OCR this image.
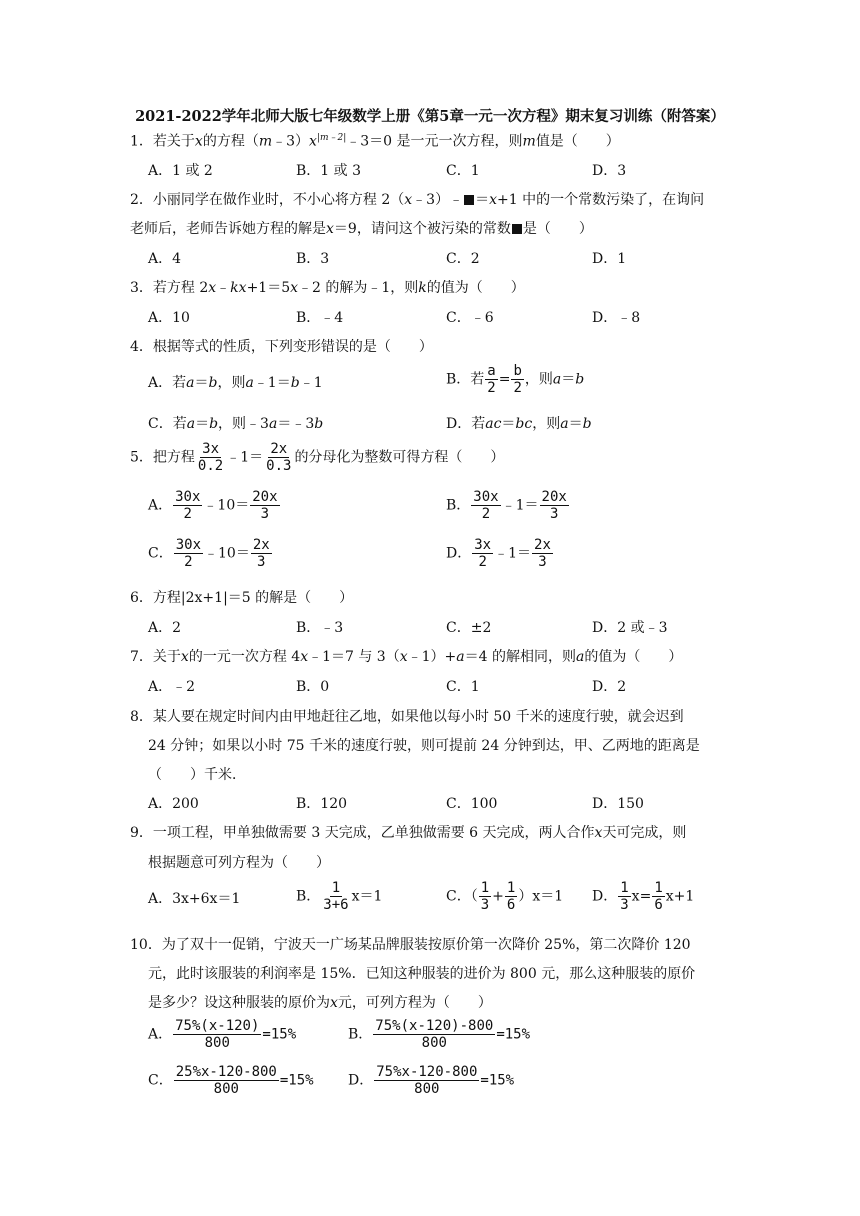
2021-2022学年北师大版七年级数学上册《第5章一元一次方程》期末复习训练（附答案）
1．若关于x的方程$(m﹣3)x^{|m﹣2|}﹣3=0$ 是一元一次方程，则m值是（　　）
A．1 或 2	B．1 或 3	C．1	D．3
2．小丽同学在做作业时，不小心将方程 2（x﹣3）﹣ ＝x+1 中的一个常数污染了，在询问
老师后，老师告诉她方程的解是x＝9，请问这个被污染的常数 是（　　）
A．4	B．3	C．2	D．1
3．若方程 2x﹣kx+1＝5x﹣2 的解为﹣1，则k的值为（　　）
A．10	B．﹣4	C．﹣6	D．﹣8
4．根据等式的性质，下列变形错误的是（　　）
A．若a＝b，则a﹣1＝b﹣1	B．若 $\frac{a}{2} = \frac{b}{2}$ ，则a＝b
C．若a＝b，则﹣3a＝﹣3b	D．若ac＝bc，则a＝b
5．把方程 $\frac{3x}{0.2}$ ﹣1＝ $\frac{2x}{0.3}$ 的分母化为整数可得方程（　　）
A． $\frac{30x}{2}$ ﹣10＝ $\frac{20x}{3}$	B． $\frac{30x}{2}$ ﹣1＝ $\frac{20x}{3}$
C． $\frac{30x}{2}$ ﹣10＝ $\frac{2x}{3}$	D． $\frac{3x}{2}$ ﹣1＝ $\frac{2x}{3}$
6．方程|2x+1|＝5 的解是（　　）
A．2	B．﹣3	C．±2	D．2 或﹣3
7．关于x的一元一次方程 4x﹣1＝7 与 3（x﹣1）+a＝4 的解相同，则a的值为（　　）
A．﹣2	B．0	C．1	D．2
8．某人要在规定时间内由甲地赶往乙地，如果他以每小时 50 千米的速度行驶，就会迟到
24 分钟；如果以小时 75 千米的速度行驶，则可提前 24 分钟到达，甲、乙两地的距离是
（　　）千米．
A．200	B．120	C．100	D．150
9．一项工程，甲单独做需要 3 天完成，乙单独做需要 6 天完成，两人合作x天可完成，则
根据题意可列方程为（　　）
A．3x+6x＝1	B． $\frac{1}{3+6} x=1$	C．（ $\frac{1}{3} + \frac{1}{6} )x=1$ D． $\frac{1}{3} x= \frac{1}{6} x+1$
10．为了双十一促销，宁波天一广场某品牌服装按原价第一次降价 25%，第二次降价 120
元，此时该服装的利润率是 15%．已知这种服装的进价为 800 元，那么这种服装的原价
是多少？设这种服装的原价为x元，可列方程为（　　）
A． $\frac{75\%(x-120)}{800} =15\%$	B． $\frac{75\%(x-120)-800}{800} =15\%$
C． $\frac{25\%x-120-800}{800} =15\%$ D． $\frac{75\%x-120-800}{800} =15\%$
